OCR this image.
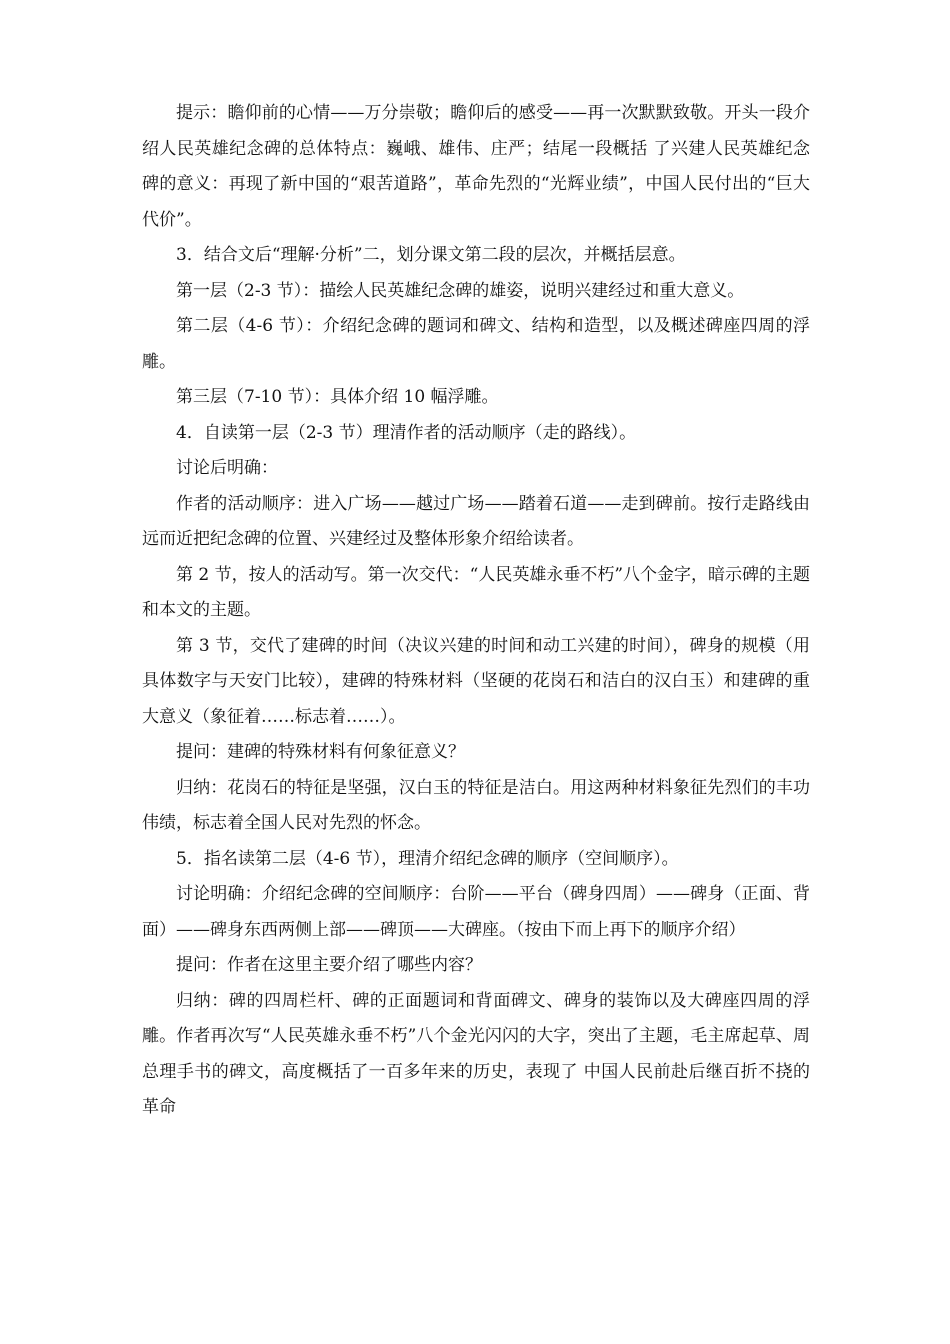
提示：瞻仰前的心情——万分崇敬；瞻仰后的感受——再一次默默致敬。开头一段介绍人民英雄纪念碑的总体特点：巍峨、雄伟、庄严；结尾一段概括 了兴建人民英雄纪念碑的意义：再现了新中国的“艰苦道路”，革命先烈的“光辉业绩”，中国人民付出的“巨大代价”。

3．结合文后“理解·分析”二，划分课文第二段的层次，并概括层意。

第一层（2-3 节）：描绘人民英雄纪念碑的雄姿，说明兴建经过和重大意义。

第二层（4-6 节）：介绍纪念碑的题词和碑文、结构和造型，以及概述碑座四周的浮雕。

第三层（7-10 节）：具体介绍 10 幅浮雕。

4．自读第一层（2-3 节）理清作者的活动顺序（走的路线）。

讨论后明确：

作者的活动顺序：进入广场——越过广场——踏着石道——走到碑前。按行走路线由远而近把纪念碑的位置、兴建经过及整体形象介绍给读者。

第 2 节，按人的活动写。第一次交代：“人民英雄永垂不朽”八个金字，暗示碑的主题和本文的主题。

第 3 节，交代了建碑的时间（决议兴建的时间和动工兴建的时间），碑身的规模（用具体数字与天安门比较），建碑的特殊材料（坚硬的花岗石和洁白的汉白玉）和建碑的重大意义（象征着……标志着……）。

提问：建碑的特殊材料有何象征意义？

归纳：花岗石的特征是坚强，汉白玉的特征是洁白。用这两种材料象征先烈们的丰功伟绩，标志着全国人民对先烈的怀念。

5．指名读第二层（4-6 节），理清介绍纪念碑的顺序（空间顺序）。

讨论明确：介绍纪念碑的空间顺序：台阶——平台（碑身四周）——碑身（正面、背面）——碑身东西两侧上部——碑顶——大碑座。（按由下而上再下的顺序介绍）

提问：作者在这里主要介绍了哪些内容？

归纳：碑的四周栏杆、碑的正面题词和背面碑文、碑身的装饰以及大碑座四周的浮雕。作者再次写“人民英雄永垂不朽”八个金光闪闪的大字，突出了主题，毛主席起草、周总理手书的碑文，高度概括了一百多年来的历史，表现了 中国人民前赴后继百折不挠的革命
